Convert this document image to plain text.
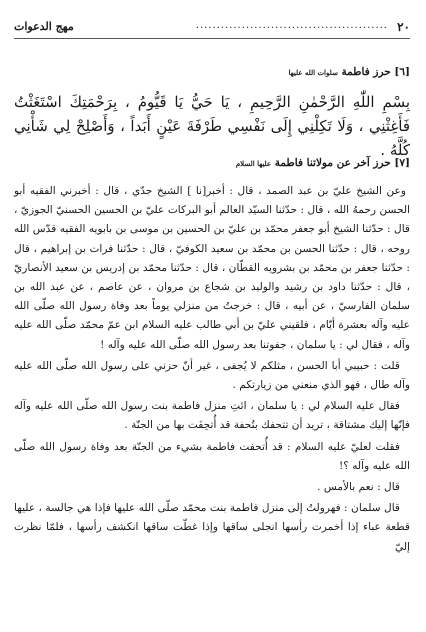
٢٠
..............................................
مهج الدعوات
[٦] حرز فاطمة سلوات الله عليها
بِسْمِ اللّٰهِ الرَّحْمٰنِ الرَّحِيمِ ، يَا حَيُّ يَا قَيُّومُ ، بِرَحْمَتِكَ اسْتَغَثْتُ فَأَغِثْنِي ، وَلَا تَكِلْنِي إِلَى نَفْسِي طَرْفَةَ عَيْنٍ أَبَداً ، وَأَصْلِحْ لِي شَأْنِي كُلَّهُ .
[٧] حرز آخر عن مولاتنا فاطمة عليها السلام

وعن الشيخ عليّ بن عبد الصمد ، قال : أخبر[نا ] الشيخ جدّي ، قال : أخبرني الفقيه أبو الحسن رحمهُ الله ، قال : حدّثنا السيّد العالم أبو البركات عليّ بن الحسين الحسنيّ الجوزيّ ، قال : حدّثنا الشيخ أبو جعفر محمّد بن عليّ بن الحسين بن موسى بن بابويه الفقيه قدّس الله روحه ، قال : حدّثنا الحسن بن محمّد بن سعيد الكوفيّ ، قال : حدّثنا فرات بن إبراهيم ، قال : حدّثنا جعفر بن محمّد بن بشرويه القطّان ، قال : حدّثنا محمّد بن إدريس بن سعيد الأنصاريّ ، قال : حدّثنا داود بن رشيد والوليد بن شجاع بن مروان ، عن عاصم ، عن عبد الله بن سلمان الفارسيّ ، عن أبيه ، قال : خرجتُ من منزلي يوماً بعد وفاة رسول الله صلّى الله عليه وآله بعشرة أيّام ، فلقيني عليّ بن أبي طالب عليه السلام ابن عمّ محمّد صلّى الله عليه وآله ، فقال لي : يا سلمان ، جفوتنا بعد رسول الله صلّى الله عليه وآله !

قلت : حبيبي أبا الحسن ، مثلكم لا يُجفى ، غير أنّ حزني على رسول الله صلّى الله عليه وآله طال ، فهو الذي منعني من زيارتكم .

فقال عليه السلام لي : يا سلمان ، ائتِ منزل فاطمة بنت رسول الله صلّى الله عليه وآله فإنّها إليك مشتاقة ، تريد أن تتحفك بتُحفة قد أُتحِفَت بها من الجنّة .

فقلت لعليّ عليه السلام : قد أُتحفت فاطمة بشيء من الجنّة بعد وفاة رسول الله صلّى الله عليه وآله ؟!

قال : نعم بالأمس .

قال سلمان : فهرولتُ إلى منزل فاطمة بنت محمّد صلّى الله عليها فإذا هي جالسة ، عليها قطعة عباء إذا أخمرت رأسها انجلى ساقها وإذا غطّت ساقها انكشف رأسها ، فلمّا نظرت إليّ
